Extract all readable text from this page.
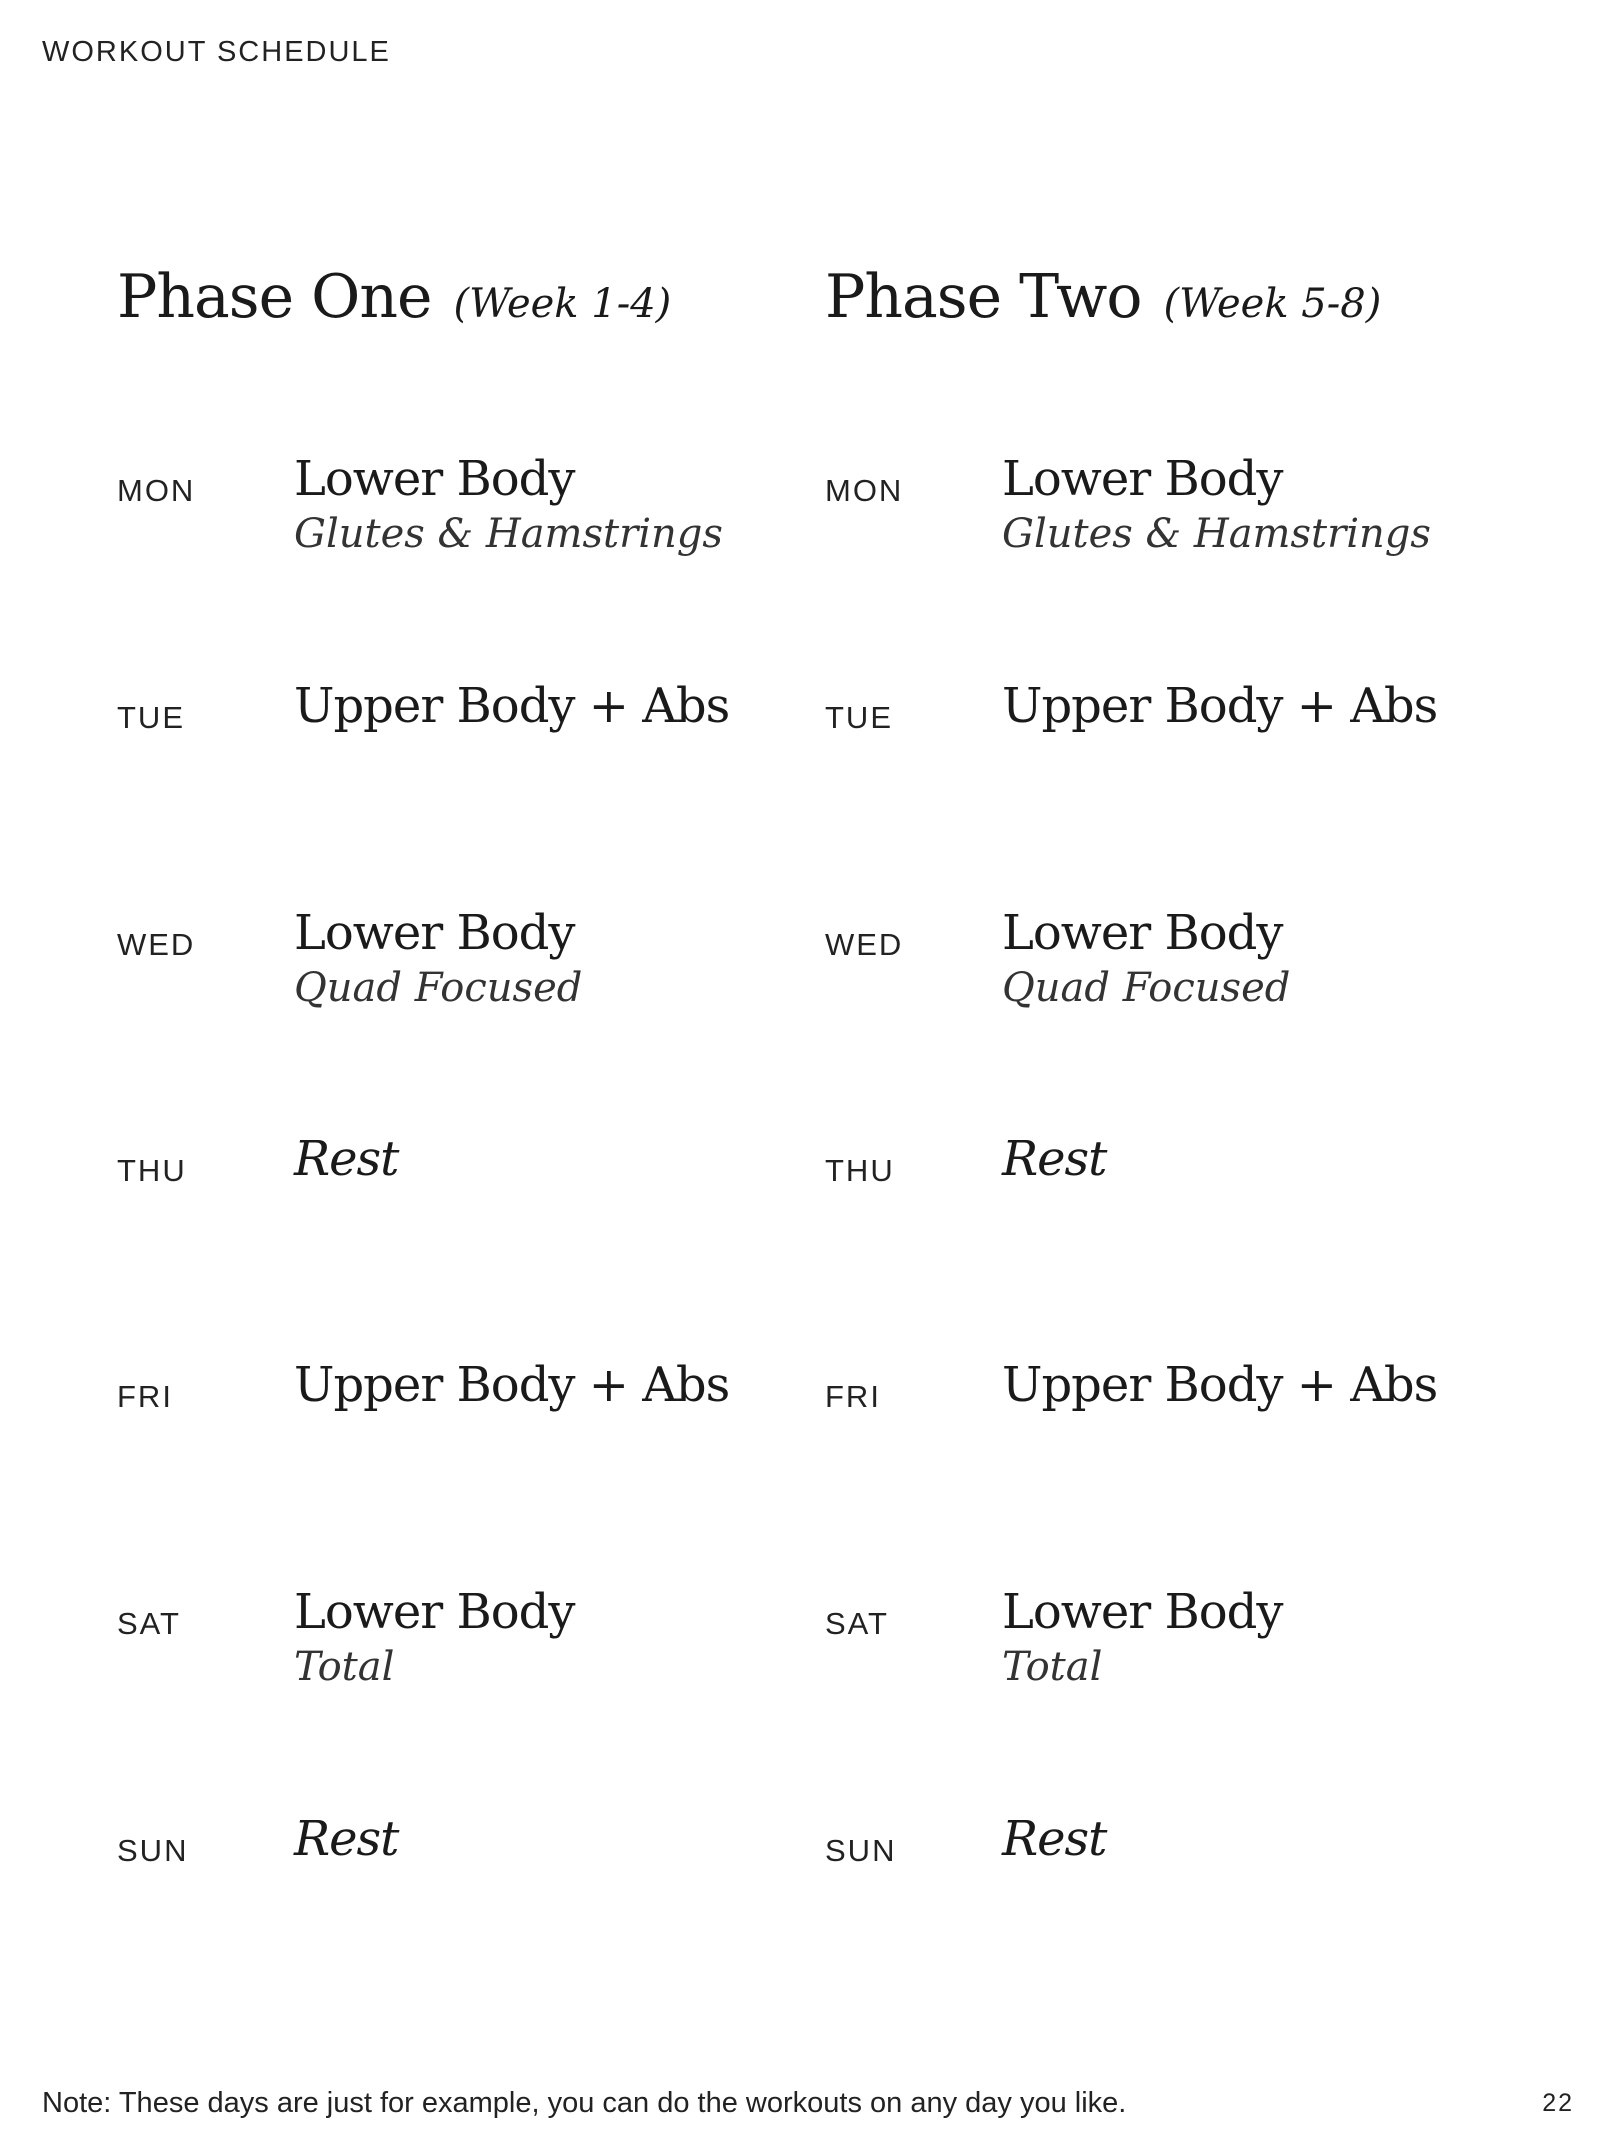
WORKOUT SCHEDULE
Phase One (Week 1-4)
MON Lower Body
Glutes & Hamstrings
TUE Upper Body + Abs
WED Lower Body
Quad Focused
THU Rest
FRI	Upper Body + Abs
SAT Lower Body
Total
SUN Rest
Phase Two (Week 5-8)
MON Lower Body
Glutes & Hamstrings
TUE Upper Body + Abs
WED Lower Body
Quad Focused
THU Rest
FRI	Upper Body + Abs
SAT Lower Body
Total
SUN Rest
Note: These days are just for example, you can do the workouts on any day you like.	22
